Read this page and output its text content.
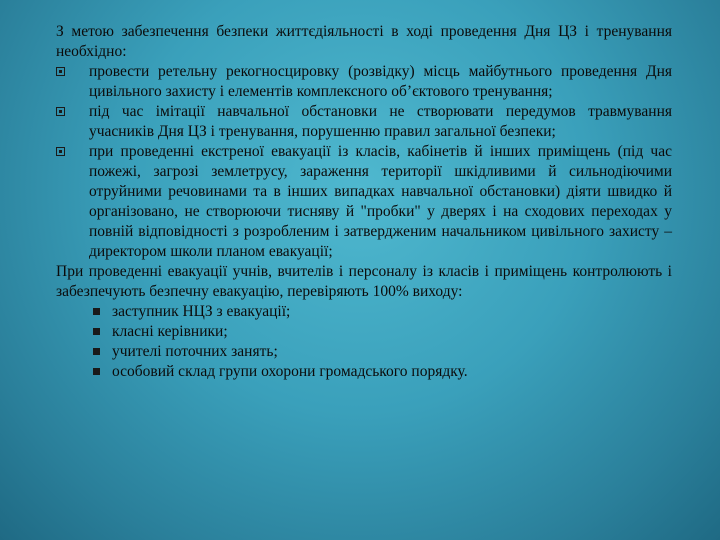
З метою забезпечення безпеки життєдіяльності в ході проведення Дня ЦЗ і тренування необхідно:

провести ретельну рекогносцировку (розвідку) місць майбутнього проведення Дня цивільного захисту і елементів комплексного об’єктового тренування;
під час імітації навчальної обстановки не створювати передумов травмування учасників Дня ЦЗ і тренування, порушенню правил загальної безпеки;
при проведенні екстреної евакуації із класів, кабінетів й інших приміщень (під час пожежі, загрозі землетрусу, зараження території шкідливими й сильнодіючими отруйними речовинами та в інших випадках навчальної обстановки) діяти швидко й організовано, не створюючи тисняву й "пробки" у дверях і на сходових переходах у повній відповідності з розробленим і затвердженим начальником цивільного захисту – директором школи планом евакуації;

При проведенні евакуації учнів, вчителів і персоналу із класів і приміщень контролюють і забезпечують безпечну евакуацію, перевіряють 100% виходу:

заступник НЦЗ з евакуації;
класні керівники;
учителі поточних занять;
особовий склад групи охорони громадського порядку.
